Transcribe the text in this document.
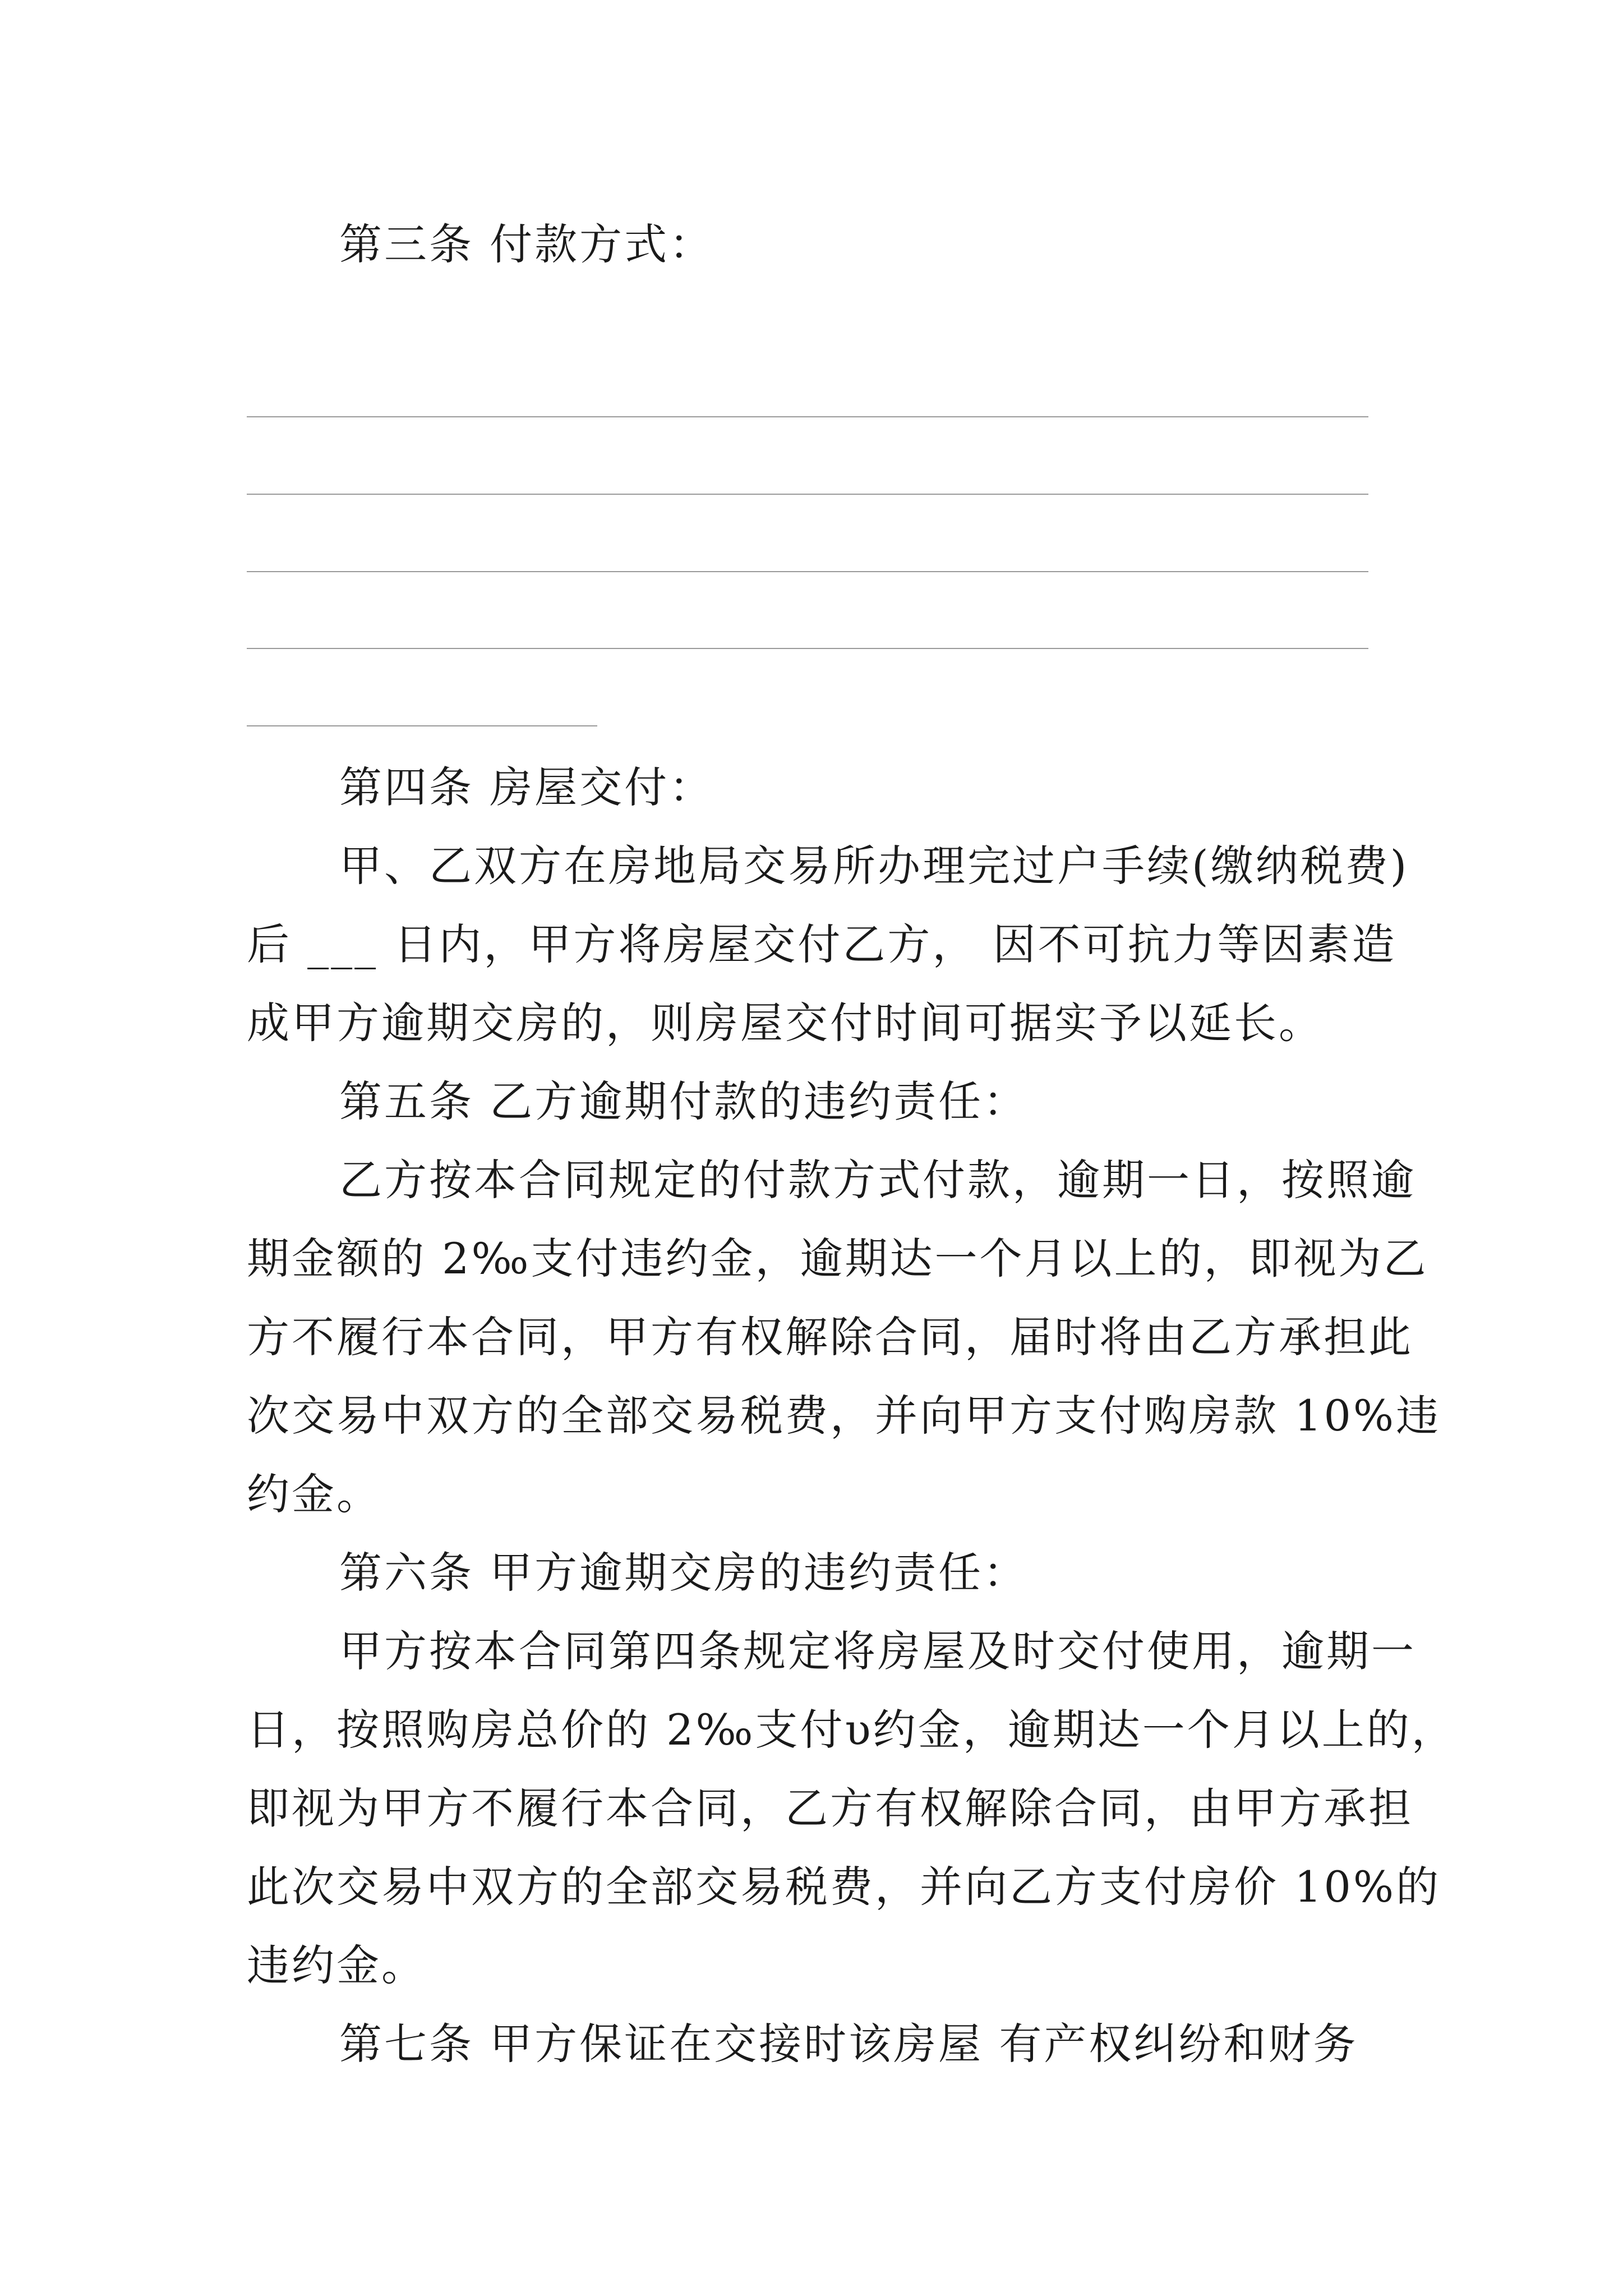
第三条 付款方式：
第四条 房屋交付：
甲、乙双方在房地局交易所办理完过户手续(缴纳税费)
后 ___ 日内，甲方将房屋交付乙方， 因不可抗力等因素造
成甲方逾期交房的，则房屋交付时间可据实予以延长。
第五条 乙方逾期付款的违约责任：
乙方按本合同规定的付款方式付款，逾期一日，按照逾
期金额的 2‰支付违约金，逾期达一个月以上的，即视为乙
方不履行本合同，甲方有权解除合同，届时将由乙方承担此
次交易中双方的全部交易税费，并向甲方支付购房款 10%违
约金。
第六条 甲方逾期交房的违约责任：
甲方按本合同第四条规定将房屋及时交付使用，逾期一
日，按照购房总价的 2‰支付υ约金，逾期达一个月以上的，
即视为甲方不履行本合同，乙方有权解除合同，由甲方承担
此次交易中双方的全部交易税费，并向乙方支付房价 10%的
违约金。
第七条 甲方保证在交接时该房屋 有产权纠纷和财务
